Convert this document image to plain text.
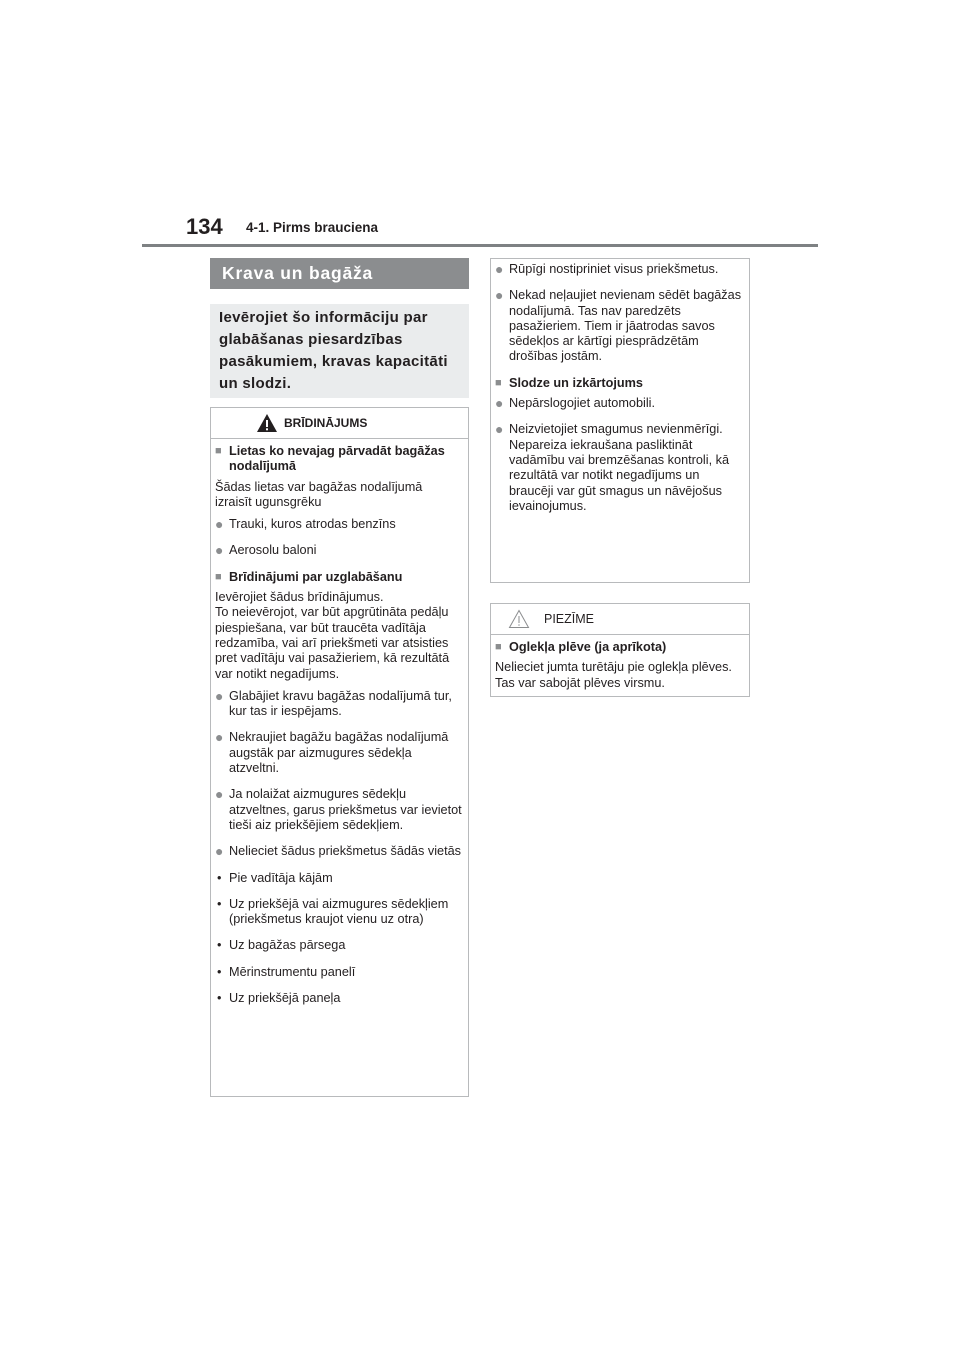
134 4-1. Pirms brauciena
Krava un bagāža

Ievērojiet šo informāciju par glabāšanas piesardzības pasākumiem, kravas kapacitāti un slodzi.

BRĪDINĀJUMS
■ Lietas ko nevajag pārvadāt bagāžas nodalījumā
Šādas lietas var bagāžas nodalījumā izraisīt ugunsgrēku
● Trauki, kuros atrodas benzīns
● Aerosolu baloni
■ Brīdinājumi par uzglabāšanu
Ievērojiet šādus brīdinājumus.
To neievērojot, var būt apgrūtināta pedāļu piespiešana, var būt traucēta vadītāja redzamība, vai arī priekšmeti var atsisties pret vadītāju vai pasažieriem, kā rezultātā var notikt negadījums.
● Glabājiet kravu bagāžas nodalījumā tur, kur tas ir iespējams.
● Nekraujiet bagāžu bagāžas nodalījumā augstāk par aizmugures sēdekļa atzveltni.
● Ja nolaižat aizmugures sēdekļu atzveltnes, garus priekšmetus var ievietot tieši aiz priekšējiem sēdekļiem.
● Nelieciet šādus priekšmetus šādās vietās
• Pie vadītāja kājām
• Uz priekšējā vai aizmugures sēdekļiem (priekšmetus kraujot vienu uz otra)
• Uz bagāžas pārsega
• Mērinstrumentu panelī
• Uz priekšējā paneļa
● Rūpīgi nostipriniet visus priekšmetus.
● Nekad neļaujiet nevienam sēdēt bagāžas nodalījumā. Tas nav paredzēts pasažieriem. Tiem ir jāatrodas savos sēdekļos ar kārtīgi piesprādzētām drošības jostām.
■ Slodze un izkārtojums
● Nepārslogojiet automobili.
● Neizvietojiet smagumus nevienmērīgi.
Nepareiza iekraušana pasliktināt vadāmību vai bremzēšanas kontroli, kā rezultātā var notikt negadījums un braucēji var gūt smagus un nāvējošus ievainojumus.
PIEZĪME
■ Oglekļa plēve (ja aprīkota)
Nelieciet jumta turētāju pie oglekļa plēves. Tas var sabojāt plēves virsmu.
